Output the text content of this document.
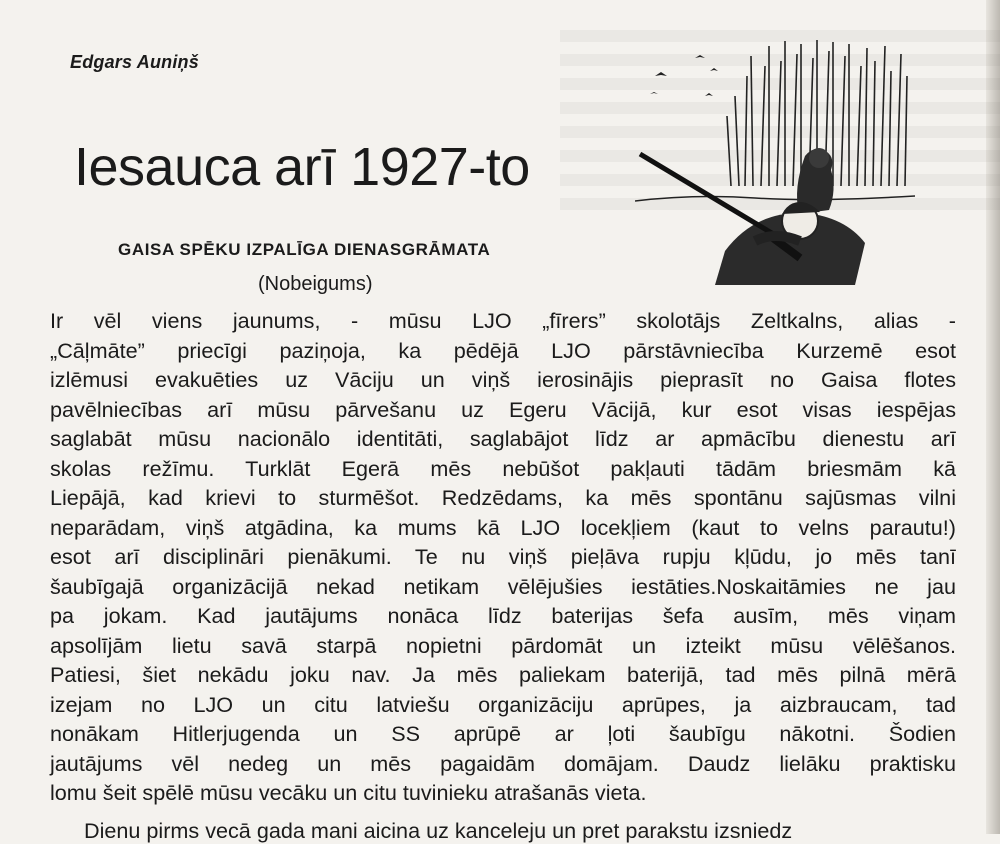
Edgars Auniņš
Iesauca arī 1927-to
GAISA SPĒKU IZPALĪGA DIENASGRĀMATA
(Nobeigums)
Ir vēl viens jaunums, - mūsu LJO „fīrers” skolotājs Zeltkalns, alias -
„Cāļmāte” priecīgi paziņoja, ka pēdējā LJO pārstāvniecība Kurzemē esot
izlēmusi evakuēties uz Vāciju un viņš ierosinājis pieprasīt no Gaisa flotes
pavēlniecības arī mūsu pārvešanu uz Egeru Vācijā, kur esot visas iespējas
saglabāt mūsu nacionālo identitāti, saglabājot līdz ar apmācību dienestu arī
skolas režīmu. Turklāt Egerā mēs nebūšot pakļauti tādām briesmām kā
Liepājā, kad krievi to sturmēšot. Redzēdams, ka mēs spontānu sajūsmas vilni
neparādam, viņš atgādina, ka mums kā LJO locekļiem (kaut to velns parautu!)
esot arī disciplināri pienākumi. Te nu viņš pieļāva rupju kļūdu, jo mēs tanī
šaubīgajā organizācijā nekad netikam vēlējušies iestāties.Noskaitāmies ne jau
pa jokam. Kad jautājums nonāca līdz baterijas šefa ausīm, mēs viņam
apsolījām lietu savā starpā nopietni pārdomāt un izteikt mūsu vēlēšanos.
Patiesi, šiet nekādu joku nav. Ja mēs paliekam baterijā, tad mēs pilnā mērā
izejam no LJO un citu latviešu organizāciju aprūpes, ja aizbraucam, tad
nonākam Hitlerjugenda un SS aprūpē ar ļoti šaubīgu nākotni. Šodien
jautājums vēl nedeg un mēs pagaidām domājam. Daudz lielāku praktisku
lomu šeit spēlē mūsu vecāku un citu tuvinieku atrašanās vieta.
Dienu pirms vecā gada mani aicina uz kanceleju un pret parakstu izsniedz
